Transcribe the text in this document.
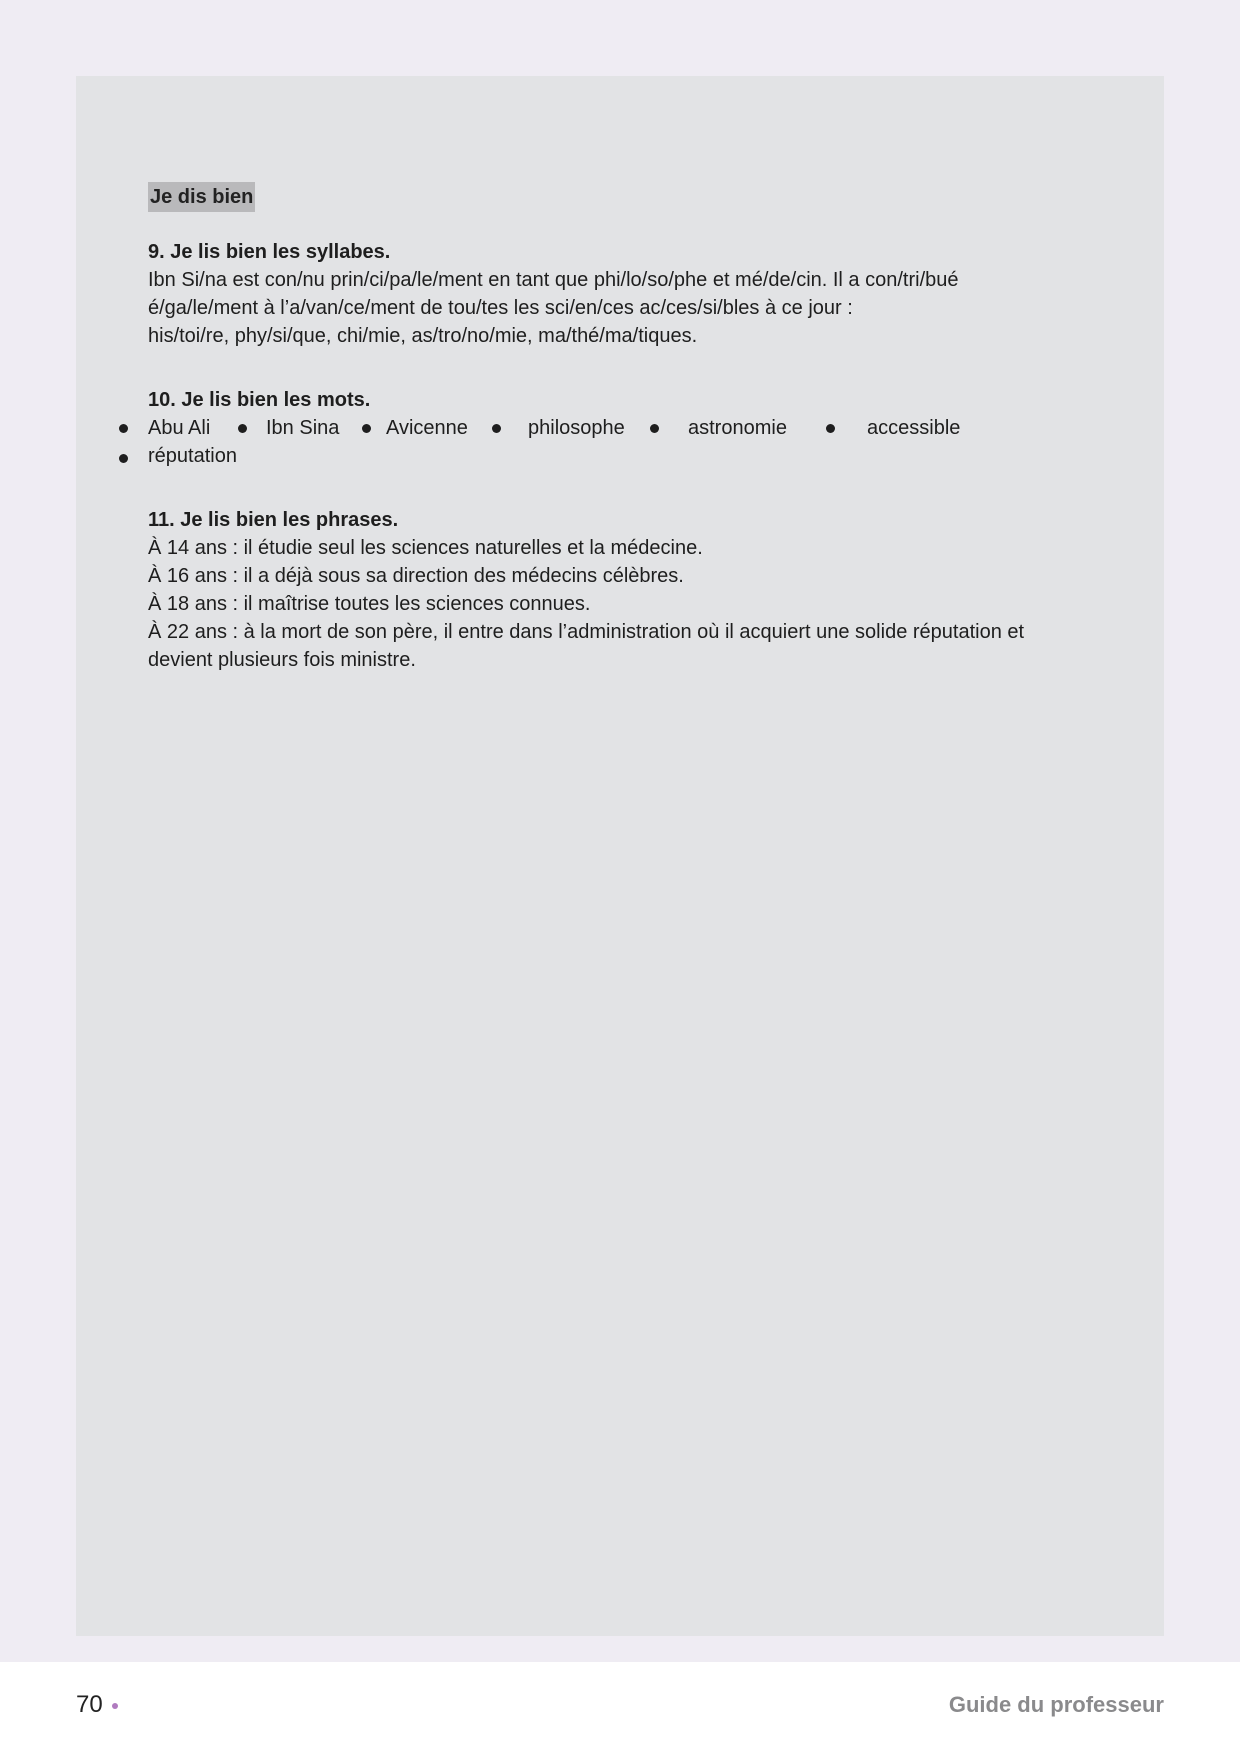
Je dis bien
9. Je lis bien les syllabes.

Ibn Si/na est con/nu prin/ci/pa/le/ment en tant que phi/lo/so/phe et mé/de/cin. Il a con/tri/bué

é/ga/le/ment à l’a/van/ce/ment de tou/tes les sci/en/ces ac/ces/si/bles à ce jour :

his/toi/re, phy/si/que, chi/mie, as/tro/no/mie, ma/thé/ma/tiques.

10. Je lis bien les mots.
Abu Ali	Ibn Sina Avicenne	philosophe	astronomie	accessible
réputation
11. Je lis bien les phrases.

À 14 ans : il étudie seul les sciences naturelles et la médecine.

À 16 ans : il a déjà sous sa direction des médecins célèbres.

À 18 ans : il maîtrise toutes les sciences connues.

À 22 ans : à la mort de son père, il entre dans l’administration où il acquiert une solide réputation et

devient plusieurs fois ministre.

70	Guide du professeur
